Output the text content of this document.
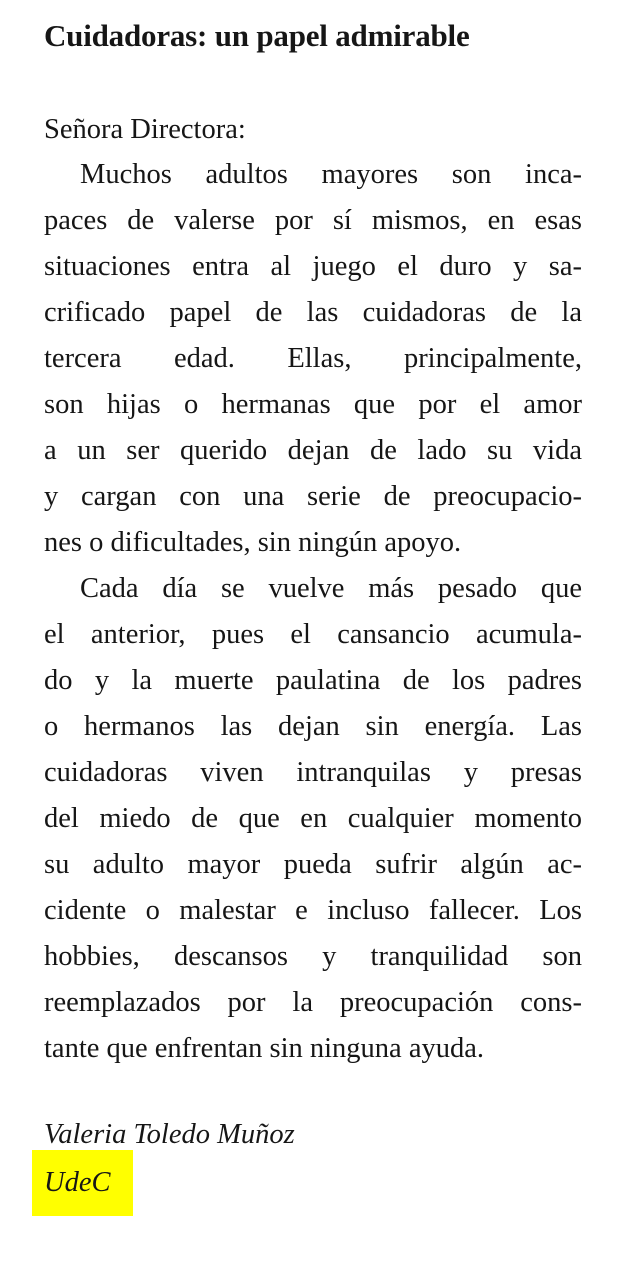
Cuidadoras: un papel admirable
Señora Directora:
Muchos adultos mayores son inca-
paces de valerse por sí mismos, en esas
situaciones entra al juego el duro y sa-
crificado papel de las cuidadoras de la
tercera edad. Ellas, principalmente,
son hijas o hermanas que por el amor
a un ser querido dejan de lado su vida
y cargan con una serie de preocupacio-
nes o dificultades, sin ningún apoyo.
Cada día se vuelve más pesado que
el anterior, pues el cansancio acumula-
do y la muerte paulatina de los padres
o hermanos las dejan sin energía. Las
cuidadoras viven intranquilas y presas
del miedo de que en cualquier momento
su adulto mayor pueda sufrir algún ac-
cidente o malestar e incluso fallecer. Los
hobbies, descansos y tranquilidad son
reemplazados por la preocupación cons-
tante que enfrentan sin ninguna ayuda.
Valeria Toledo Muñoz
UdeC
